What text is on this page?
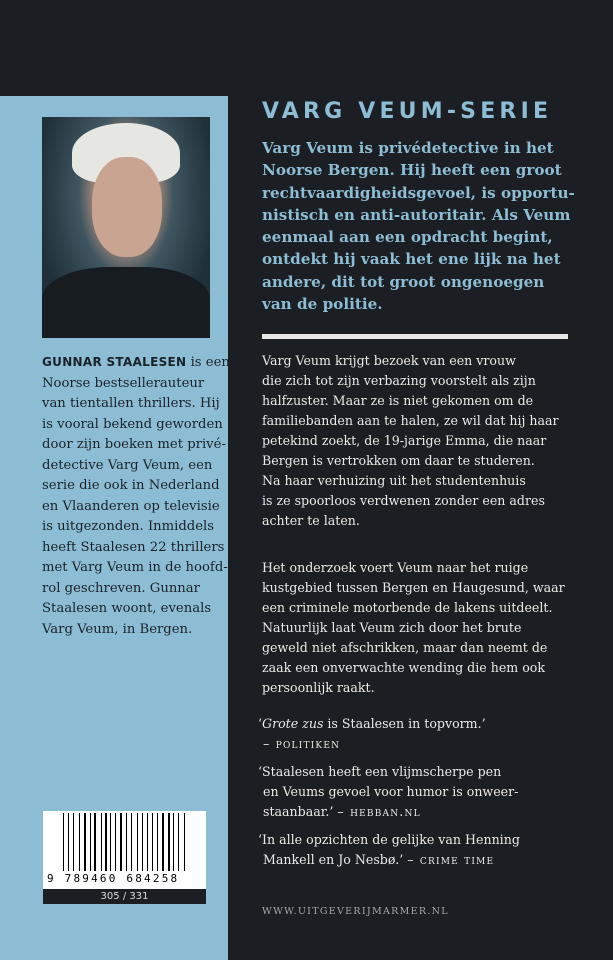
GUNNAR STAALESEN is een
Noorse bestsellerauteur
van tientallen thrillers. Hij
is vooral bekend geworden
door zijn boeken met privé-
detective Varg Veum, een
serie die ook in Nederland
en Vlaanderen op televisie
is uitgezonden. Inmiddels
heeft Staalesen 22 thrillers
met Varg Veum in de hoofd-
rol geschreven. Gunnar
Staalesen woont, evenals
Varg Veum, in Bergen.
9 789460 684258
305 / 331
VARG VEUM-SERIE
Varg Veum is privédetective in het
Noorse Bergen. Hij heeft een groot
rechtvaardigheidsgevoel, is opportu-
nistisch en anti-autoritair. Als Veum
eenmaal aan een opdracht begint,
ontdekt hij vaak het ene lijk na het
andere, dit tot groot ongenoegen
van de politie.
Varg Veum krijgt bezoek van een vrouw
die zich tot zijn verbazing voorstelt als zijn
halfzuster. Maar ze is niet gekomen om de
familiebanden aan te halen, ze wil dat hij haar
petekind zoekt, de 19-jarige Emma, die naar
Bergen is vertrokken om daar te studeren.
Na haar verhuizing uit het studentenhuis
is ze spoorloos verdwenen zonder een adres
achter te laten.
Het onderzoek voert Veum naar het ruige
kustgebied tussen Bergen en Haugesund, waar
een criminele motorbende de lakens uitdeelt.
Natuurlijk laat Veum zich door het brute
geweld niet afschrikken, maar dan neemt de
zaak een onverwachte wending die hem ook
persoonlijk raakt.
‘Grote zus is Staalesen in topvorm.’
– politiken
‘Staalesen heeft een vlijmscherpe pen
en Veums gevoel voor humor is onweer-
staanbaar.’ – hebban.nl
‘In alle opzichten de gelijke van Henning
Mankell en Jo Nesbø.’ – crime time
WWW.UITGEVERIJMARMER.NL
